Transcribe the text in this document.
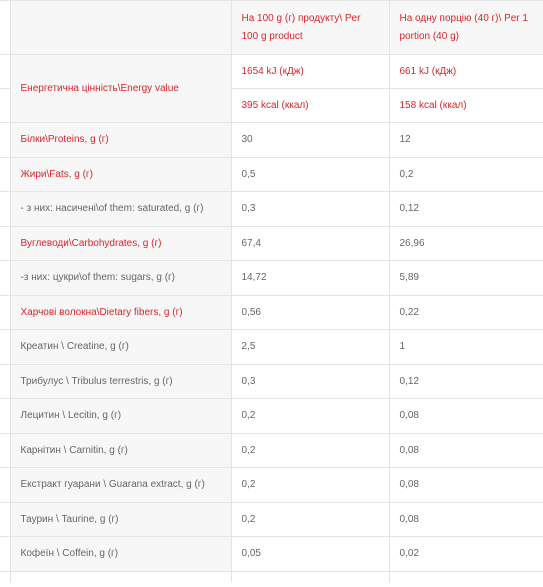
		На 100 g (г) продукту\ Per 100 g product	На одну порцію (40 г)\ Per 1 portion (40 g)
	Енергетична цінність\Energy value	1654 kJ (кДж)	661 kJ (кДж)
		395 kcal (ккал)	158 kcal (ккал)
	Білки\Proteins, g (г)	30	12
	Жири\Fats, g (г)	0,5	0,2
	- з них: насичені\of them: saturated, g (г)	0,3	0,12
	Вуглеводи\Carbohydrates, g (г)	67,4	26,96
	-з них: цукри\of them: sugars, g (г)	14,72	5,89
	Харчові волокна\Dietary fibers, g (г)	0,56	0,22
	Креатин \ Creatine, g (г)	2,5	1
	Трибулус \ Tribulus terrestris, g (г)	0,3	0,12
	Лецитин \ Lecitin, g (г)	0,2	0,08
	Карнітин \ Carnitin, g (г)	0,2	0,08
	Екстракт гуарани \ Guarana extract, g (г)	0,2	0,08
	Таурин \ Taurine, g (г)	0,2	0,08
	Кофеїн \ Coffein, g (г)	0,05	0,02
